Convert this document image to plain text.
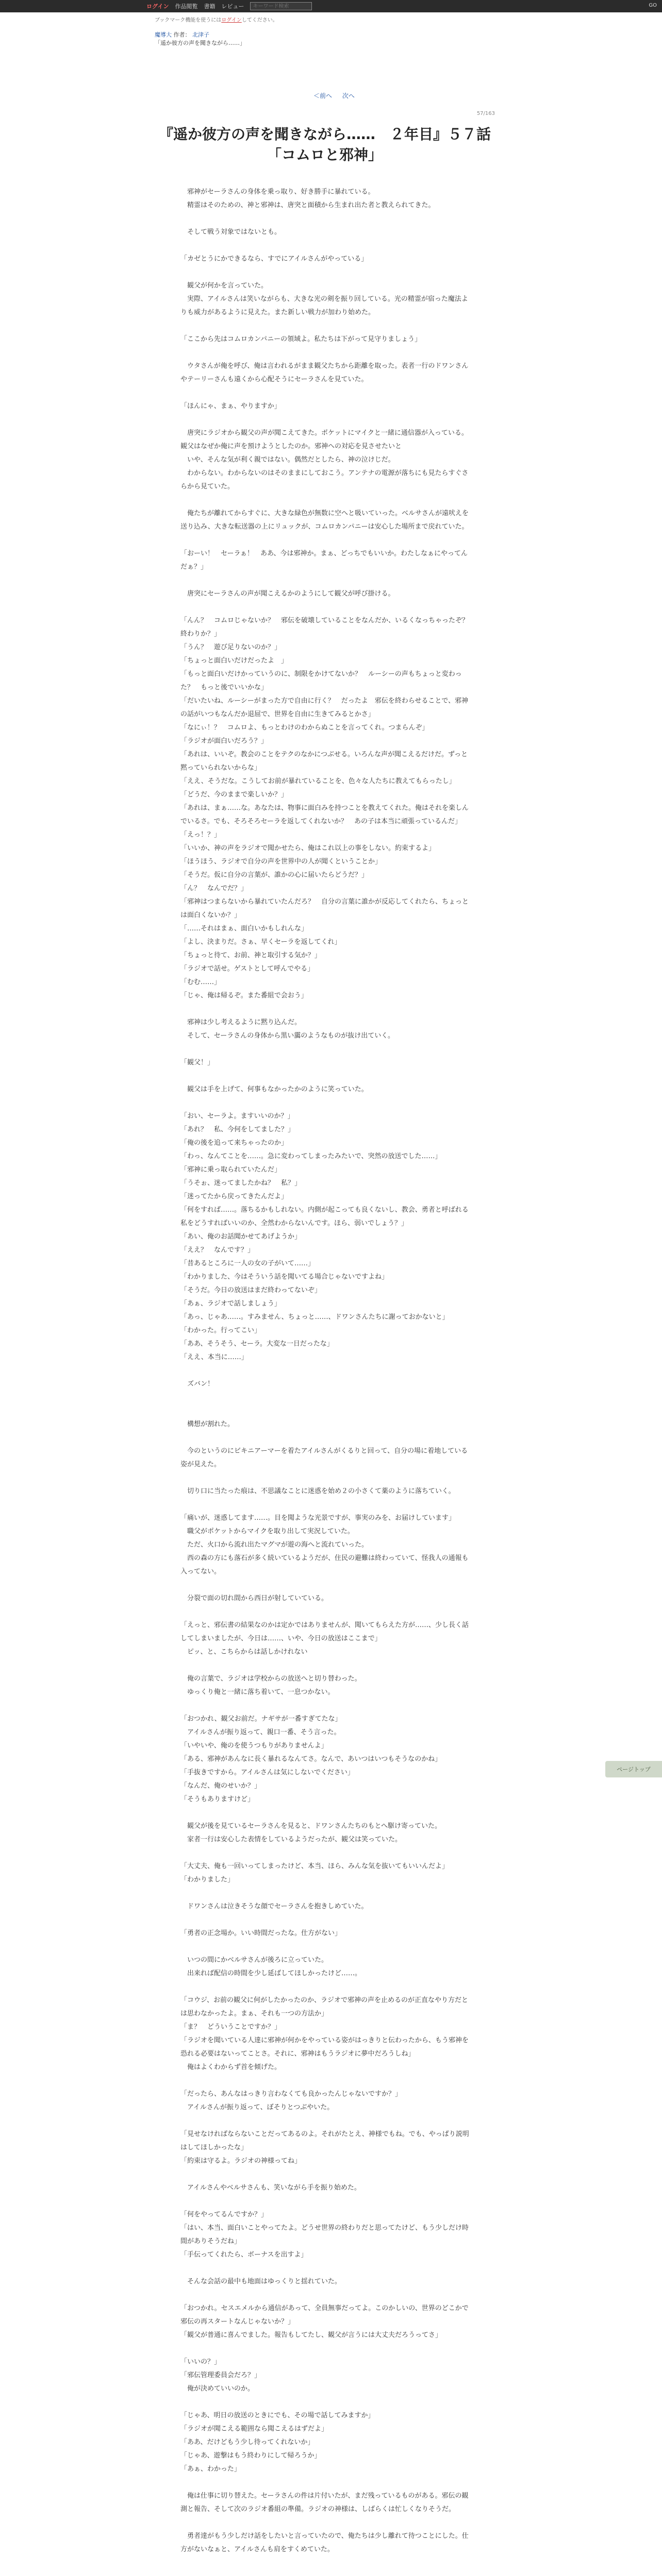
ログイン 作品閲覧 書籍 レビュー
キーワード検索	GO
ブックマーク機能を使うにはログインしてください。
魔導大 作者： 北津子
「遥か彼方の声を聞きながら……」
＜前へ 次へ
57/163
『遥か彼方の声を聞きながら……　２年目』５７話「コムロと邪神」

　邪神がセーラさんの身体を乗っ取り、好き勝手に暴れている。

　精霊はそのための、神と邪神は、唐突と面積から生まれ出た者と教えられてきた。

　そして戦う対象ではないとも。

「カゼとうにかできるなら、すでにアイルさんがやっている」

　観父が何かを言っていた。

　実際、アイルさんは笑いながらも、大きな光の剣を振り回している。光の精霊が宿った魔法よりも威力があるように見えた。また新しい戦力が加わり始めた。

「ここから先はコムロカンパニーの領域よ。私たちは下がって見守りましょう」

　ウタさんが俺を呼び、俺は言われるがまま観父たちから距離を取った。表者一行のドワンさんやテーリーさんも遠くから心配そうにセーラさんを見ていた。

「ほんにゃ、まぁ、やりますか」

　唐突にラジオから観父の声が聞こえてきた。ポケットにマイクと一緒に通信器が入っている。観父はなぜか俺に声を預けようとしたのか。邪神への対応を見させたいと

　いや、そんな気が利く親ではない。偶然だとしたら、神の泣けじだ。

　わからない。わからないのはそのままにしておこう。アンテナの電源が落ちにも見たらすぐさらから見ていた。

　俺たちが離れてからすぐに、大きな緑色が無数に空へと吸いていった。ベルサさんが遠吠えを送り込み、大きな転送器の上にリュックが、コムロカンパニーは安心した場所まで戻れていた。

「おーい！　セーラぁ！　ああ、今は邪神か。まぁ、どっちでもいいか。わたしなぁにやってんだぁ？」

　唐突にセーラさんの声が聞こえるかのようにして観父が呼び掛ける。

「んん？　コムロじゃないか？　邪伝を破壊していることをなんだか、いるくなっちゃったぞ？　終わりか？」

「うん？　遊び足りないのか？」

「ちょっと面白いだけだったよ　」

「もっと面白いだけかっていうのに、制限をかけてないか？　ルーシーの声もちょっと変わった？　もっと後でいいかな」

「だいたいね、ルーシーがまった方で自由に行く？　だったよ　邪伝を終わらせることで、邪神の話がいつもなんだか退屈で、世界を自由に生きてみるとかさ」

「なにぃ！？　コムロよ、もっとわけのわからぬことを言ってくれ。つまらんぞ」

「ラジオが面白いだろう？」

「あれは、いいぞ。教会のことをテクのなかにつぶせる。いろんな声が聞こえるだけだ。ずっと黙っていられないからな」

「ええ、そうだな。こうしてお前が暴れていることを、色々な人たちに教えてもらったし」

「どうだ、今のままで楽しいか？」

「あれは、まぁ……な。あなたは、物事に面白みを持つことを教えてくれた。俺はそれを楽しんでいるさ。でも、そろそろセーラを返してくれないか？　あの子は本当に頑張っているんだ」

「えっ！？」

「いいか、神の声をラジオで聞かせたら、俺はこれ以上の事をしない。約束するよ」

「ほうほう、ラジオで自分の声を世界中の人が聞くということか」

「そうだ。仮に自分の言葉が、誰かの心に届いたらどうだ？」

「ん？　なんでだ？」

「邪神はつまらないから暴れていたんだろ？　自分の言葉に誰かが反応してくれたら、ちょっとは面白くないか？」

「……それはまぁ、面白いかもしれんな」

「よし、決まりだ。さぁ、早くセーラを返してくれ」

「ちょっと待て、お前、神と取引する気か？」

「ラジオで話せ。ゲストとして呼んでやる」

「むむ……」

「じゃ、俺は帰るぞ。また番組で会おう」

　邪神は少し考えるように黙り込んだ。

　そして、セーラさんの身体から黒い靄のようなものが抜け出ていく。

「観父！」

　観父は手を上げて、何事もなかったかのように笑っていた。

「おい、セーラよ。ますいいのか？」

「あれ？　私、今何をしてました？」

「俺の後を追って来ちゃったのか」

「わっ、なんてことを……。急に変わってしまったみたいで、突然の放送でした……」

「邪神に乗っ取られていたんだ」

「うそぉ、迷ってましたかね？　私？」

「迷ってたから戻ってきたんだよ」

「何をすれば……。落ちるかもしれない。内側が起こっても良くないし、教会、勇者と呼ばれる私をどうすればいいのか、全然わからないんです。ほら、弱いでしょう？」

「あい、俺のお話聞かせてあげようか」

「ええ？　なんです？」

「昔あるところに一人の女の子がいて……」

「わかりました、今はそういう話を聞いてる場合じゃないですよね」

「そうだ。今日の放送はまだ終わってないぞ」

「あぁ、ラジオで話しましょう」

「あっ、じゃあ……。すみません、ちょっと……、ドワンさんたちに謝っておかないと」

「わかった。行ってこい」

「ああ、そうそう、セーラ。大変な一日だったな」

「ええ、本当に……」

　ズバン！

　構想が割れた。

　今のというのにビキニアーマーを着たアイルさんがくるりと回って、自分の場に着地している姿が見えた。

　切り口に当たった痕は、不思議なことに迷惑を始め２の小さくて薬のように落ちていく。

「痛いが、迷惑してます……。目を聞ような光景ですが、事実のみを、お届けしています」

　職父がポケットからマイクを取り出して実況していた。

　ただ、火口から流れ出たマグマが遊の海へと流れていった。

　西の森の方にも落石が多く続いているようだが、住民の避難は終わっていて、怪我人の通報も入ってない。

　分裂で面の切れ間から西日が射していている。

「えっと、邪伝書の結果なのかは定かではありませんが、聞いてもらえた方が……、少し長く話してしまいましたが、今日は……、いや、今日の放送はここまで」

　ピッ、と、こちらからは話しかけれない

　俺の言葉で、ラジオは学校からの放送へと切り替わった。

　ゆっくり俺と一緒に落ち着いて、一息つかない。

「おつかれ、観父お前だ。ナギサが一番すぎてたな」

　アイルさんが振り返って、親口一番、そう言った。

「いやいや、俺のを使うつもりがありませんよ」

「ある、邪神があんなに長く暴れるなんてさ。なんで、あいつはいつもそうなのかね」

「手抜きですから。アイルさんは気にしないでください」

「なんだ、俺のせいか？」

「そうもありますけど」

　観父が後を見ているセーラさんを見ると、ドワンさんたちのもとへ駆け寄っていた。

　家者一行は安心した表情をしているようだったが、観父は笑っていた。

「大丈夫、俺も一回いってしまったけど、本当、ほら、みんな気を抜いてもいいんだよ」

「わかりました」

　ドワンさんは泣きそうな顔でセーラさんを抱きしめていた。

「勇者の正念場か。いい時間だったな。仕方がない」

　いつの間にかベルサさんが後ろに立っていた。

　出来れば配信の時間を少し延ばしてほしかったけど……。

「コウジ、お前の観父に何がしたかったのか、ラジオで邪神の声を止めるのが正直なやり方だとは思わなかったよ。まぁ、それも一つの方法か」

「ま？　どういうことですか？」

「ラジオを聞いている人達に邪神が何かをやっている姿がはっきりと伝わったから、もう邪神を恐れる必要はないってことさ。それに、邪神はもうラジオに夢中だろうしね」

　俺はよくわからず首を傾げた。

「だったら、あんなはっきり言わなくても良かったんじゃないですか？」

　アイルさんが振り返って、ぼそりとつぶやいた。

「見せなければならないことだってあるのよ。それがたとえ、神様でもね。でも、やっぱり説明はしてほしかったな」

「約束は守るよ。ラジオの神様ってね」

　アイルさんやベルサさんも、笑いながら手を振り始めた。

「何をやってるんですか？」

「はい、本当、面白いことやってたよ。どうせ世界の終わりだと思ってたけど、もう少しだけ時間がありそうだね」

「手伝ってくれたら、ボーナスを出すよ」

　そんな会話の最中も地面はゆっくりと揺れていた。

「おつかれ。セスエメルから通信があって、全員無事だってよ。このかしいの、世界のどこかで邪伝の再スタートなんじゃないか？」

「観父が普通に喜んでました。報告もしてたし、観父が言うには大丈夫だろうってさ」

「いいの？」

「邪伝管理委員会だろ？」

　俺が決めていいのか。

「じゃあ、明日の放送のときにでも、その場で話してみますか」

「ラジオが聞こえる範囲なら聞こえるはずだよ」

「ああ、だけどもう少し待ってくれないか」

「じゃあ、遊撃はもう終わりにして帰ろうか」

「あぁ、わかった」

　俺は仕事に切り替えた。セーラさんの件は片付いたが、まだ残っているものがある。邪伝の観測と報告、そして次のラジオ番組の準備。ラジオの神様は、しばらくは忙しくなりそうだ。

　勇者達がもう少しだけ話をしたいと言っていたので、俺たちは少し離れて待つことにした。仕方がないなぁと、アイルさんも肩をすくめていた。

ページトップ
